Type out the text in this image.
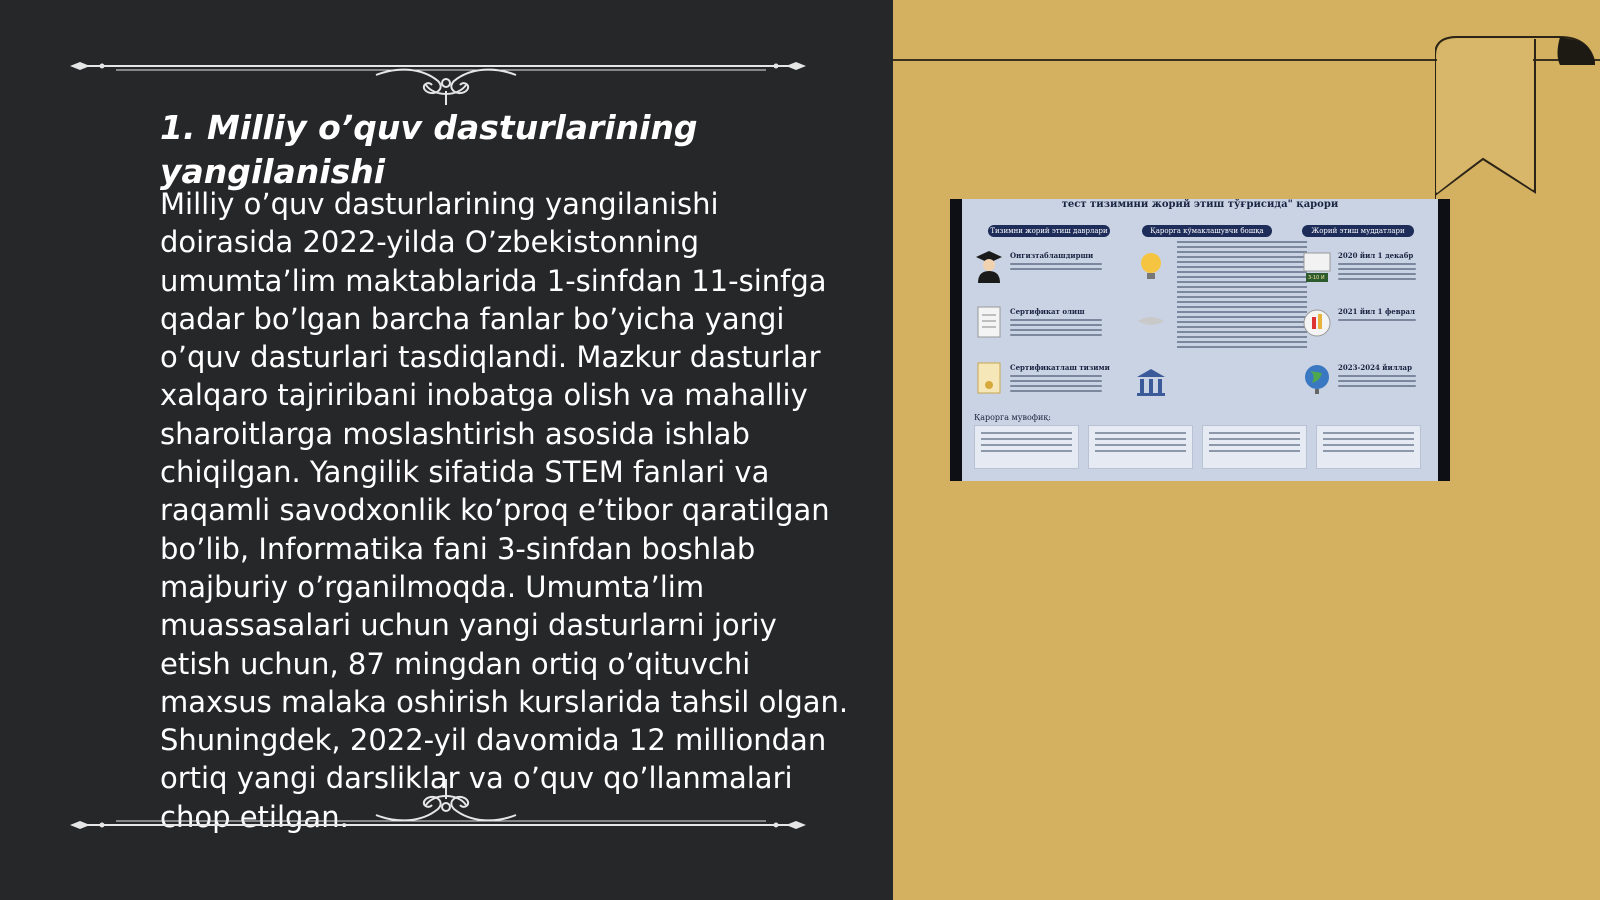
1. Milliy o’quv dasturlarining yangilanishi
Milliy o’quv dasturlarining yangilanishi doirasida 2022-yilda O’zbekistonning umumta’lim maktablarida 1-sinfdan 11-sinfga qadar bo’lgan barcha fanlar bo’yicha yangi o’quv dasturlari tasdiqlandi. Mazkur dasturlar xalqaro tajriribani inobatga olish va mahalliy sharoitlarga moslashtirish asosida ishlab chiqilgan. Yangilik sifatida STEM fanlari va raqamli savodxonlik ko’proq e’tibor qaratilgan bo’lib, Informatika fani 3-sinfdan boshlab majburiy o’rganilmoqda. Umumta’lim muassasalari uchun yangi dasturlarni joriy etish uchun, 87 mingdan ortiq o’qituvchi maxsus malaka oshirish kurslarida tahsil olgan. Shuningdek, 2022-yil davomida 12 milliondan ortiq yangi darsliklar va o’quv qo’llanmalari chop etilgan.
тест тизимини жорий этиш тўғрисида" қарори
Тизимни жорий этиш даврлари	Қарорга кўмаклашувчи бошқа	Жорий этиш муддатлари
Онгизтаблашдирши
Сертификат олиш
Сертификатлаш тизими
3-10 И
2020 йил 1 декабр
2021 йил 1 феврал
2023-2024 йиллар
Қарорга мувофиқ:
